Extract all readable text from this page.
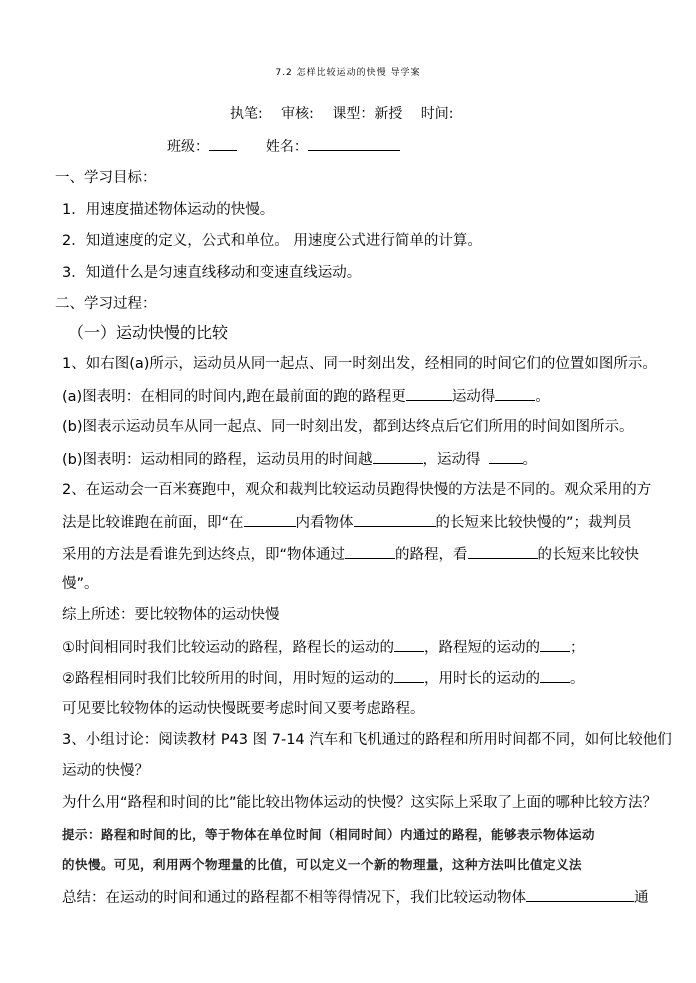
7.2 怎样比较运动的快慢 导学案
执笔: 审核: 课型：新授 时间:
班级：	姓名：
一、学习目标：
1．用速度描述物体运动的快慢。
2．知道速度的定义，公式和单位。 用速度公式进行简单的计算。
3．知道什么是匀速直线移动和变速直线运动。
二、学习过程：
（一）运动快慢的比较
1、如右图(a)所示，运动员从同一起点、同一时刻出发，经相同的时间它们的位置如图所示。
(a)图表明：在相同的时间内,跑在最前面的跑的路程更	运动得	。
(b)图表示运动员车从同一起点、同一时刻出发，都到达终点后它们所用的时间如图所示。
(b)图表明：运动相同的路程，运动员用的时间越	，运动得	。
2、在运动会一百米赛跑中，观众和裁判比较运动员跑得快慢的方法是不同的。观众采用的方
法是比较谁跑在前面，即“在	内看物体	的长短来比较快慢的”；裁判员
采用的方法是看谁先到达终点，即“物体通过	的路程，看	的长短来比较快
慢”。
综上所述：要比较物体的运动快慢
①时间相同时我们比较运动的路程，路程长的运动的 ，路程短的运动的 ；
②路程相同时我们比较所用的时间，用时短的运动的 ，用时长的运动的 。
可见要比较物体的运动快慢既要考虑时间又要考虑路程。
3、小组讨论：阅读教材 P43 图 7-14 汽车和飞机通过的路程和所用时间都不同，如何比较他们
运动的快慢？
为什么用“路程和时间的比”能比较出物体运动的快慢？这实际上采取了上面的哪种比较方法？
提示：路程和时间的比，等于物体在单位时间（相同时间）内通过的路程，能够表示物体运动
的快慢。可见，利用两个物理量的比值，可以定义一个新的物理量，这种方法叫比值定义法
总结：在运动的时间和通过的路程都不相等得情况下，我们比较运动物体	通
